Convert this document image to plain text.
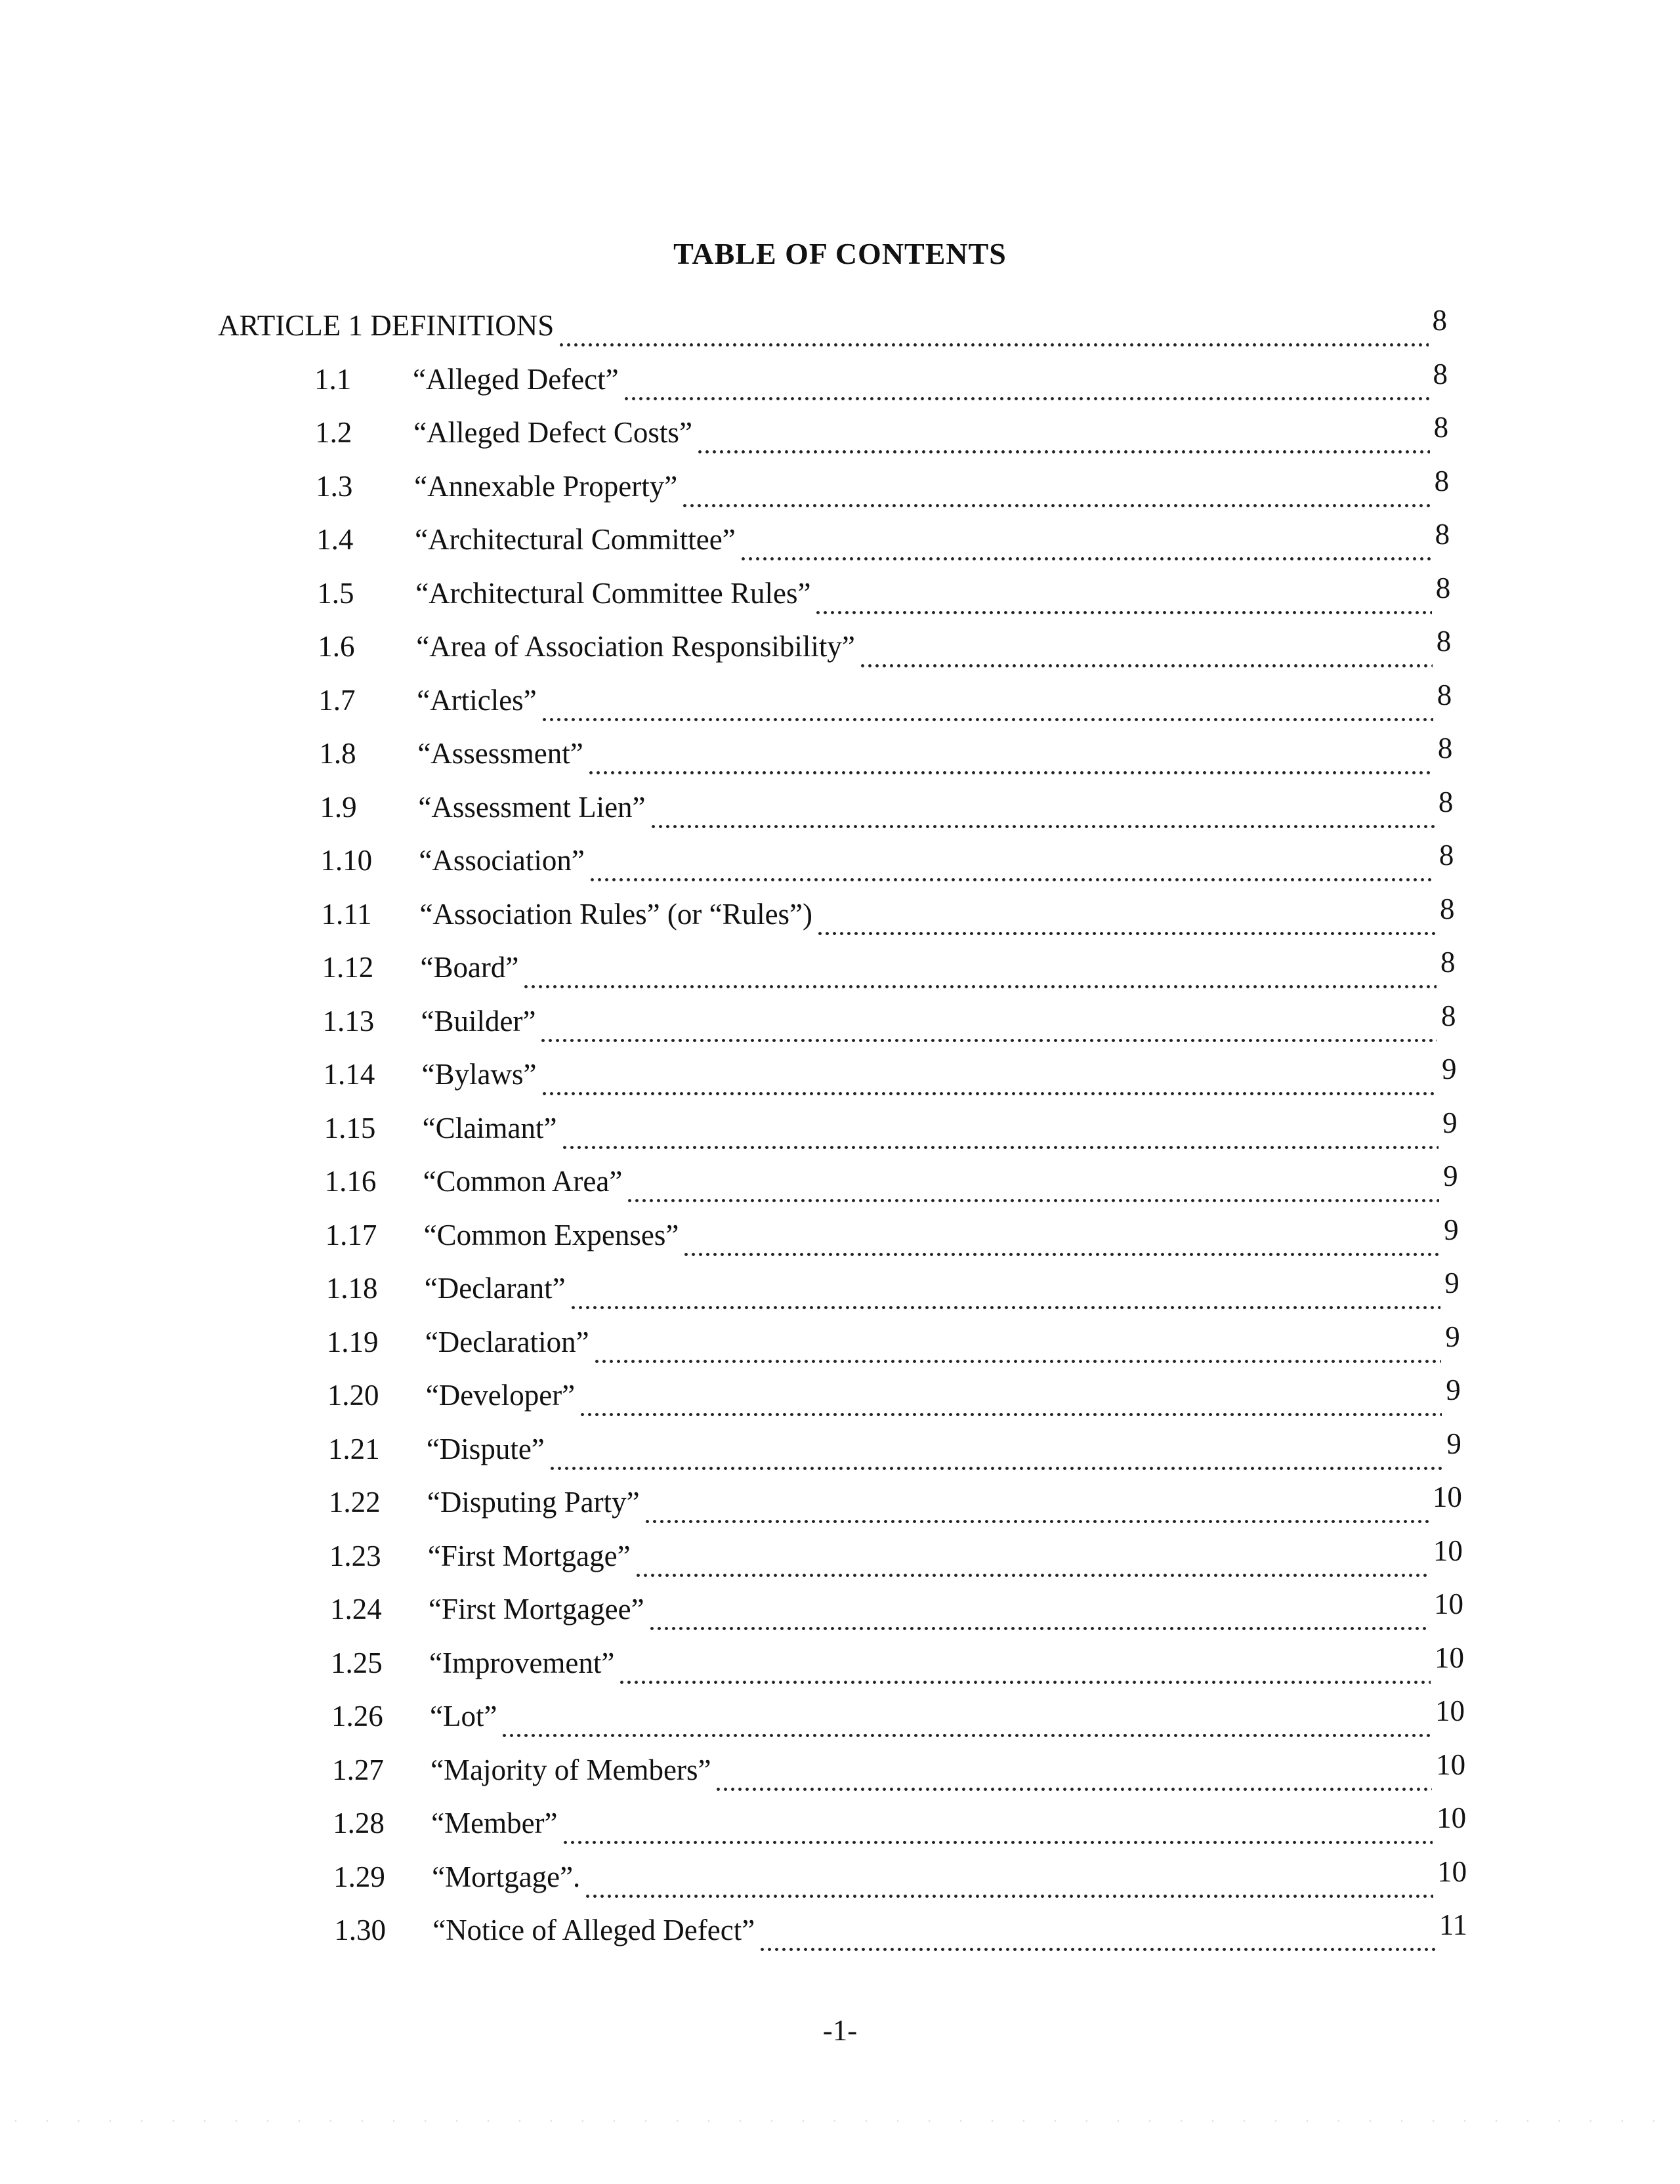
TABLE OF CONTENTS
ARTICLE 1 DEFINITIONS	8
1.1	“Alleged Defect”	8
1.2	“Alleged Defect Costs”	8
1.3	“Annexable Property”	8
1.4	“Architectural Committee”	8
1.5	“Architectural Committee Rules”	8
1.6	“Area of Association Responsibility”	8
1.7	“Articles”	8
1.8	“Assessment”	8
1.9	“Assessment Lien”	8
1.10	“Association”	8
1.11	“Association Rules” (or “Rules”)	8
1.12	“Board”	8
1.13	“Builder”	8
1.14	“Bylaws”	9
1.15	“Claimant”	9
1.16	“Common Area”	9
1.17	“Common Expenses”	9
1.18	“Declarant”	9
1.19	“Declaration”	9
1.20	“Developer”	9
1.21	“Dispute”	9
1.22	“Disputing Party”	10
1.23	“First Mortgage”	10
1.24	“First Mortgagee”	10
1.25	“Improvement”	10
1.26	“Lot”	10
1.27	“Majority of Members”	10
1.28	“Member”	10
1.29	“Mortgage”.	10
1.30	“Notice of Alleged Defect”	11
-1-
